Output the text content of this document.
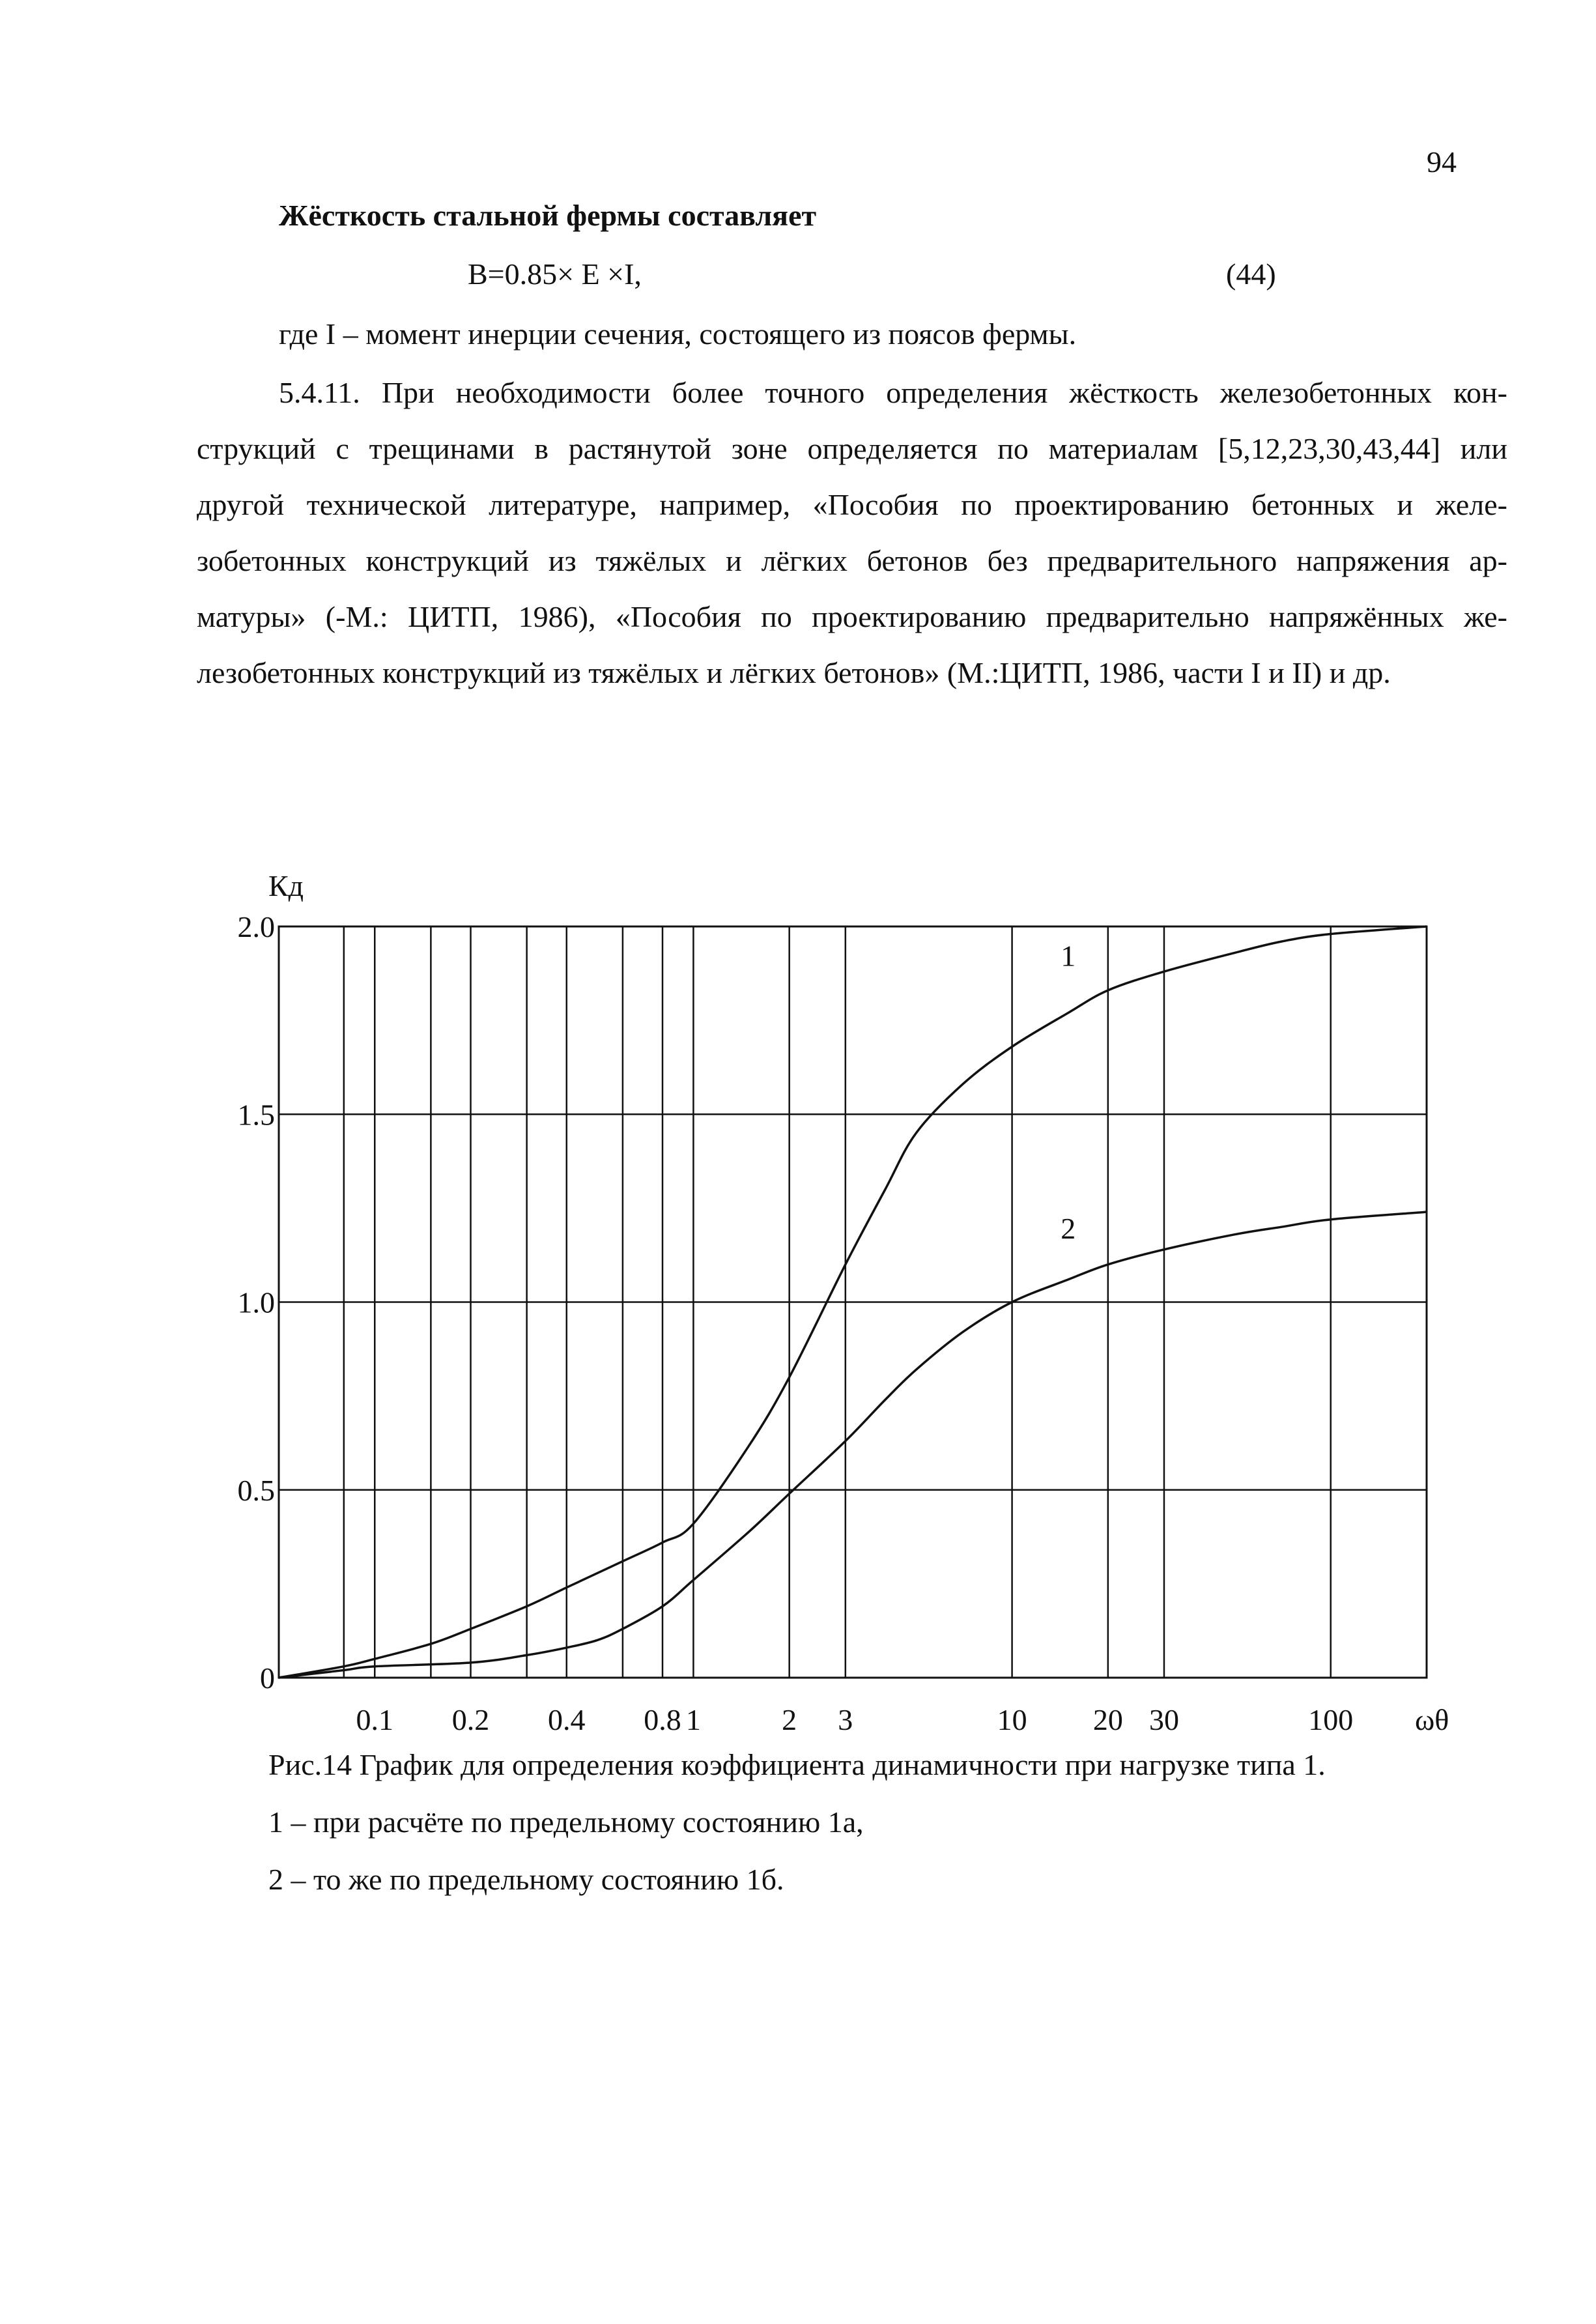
94
Жёсткость стальной фермы составляет
B=0.85× E ×I,	(44)
где I – момент инерции сечения, состоящего из поясов фермы.
5.4.11. При необходимости более точного определения жёсткость железобетонных кон-
струкций с трещинами в растянутой зоне определяется по материалам [5,12,23,30,43,44] или
другой технической литературе, например, «Пособия по проектированию бетонных и желе-
зобетонных конструкций из тяжёлых и лёгких бетонов без предварительного напряжения ар-
матуры» (-М.: ЦИТП, 1986), «Пособия по проектированию предварительно напряжённых же-
лезобетонных конструкций из тяжёлых и лёгких бетонов» (М.:ЦИТП, 1986, части I и II) и др.
1
2
0.1 0.2 0.4 0.8 1	2 3	10 20 30	100
0
0.5
1.0
1.5
2.0
Кд
ωθ
Рис.14 График для определения коэффициента динамичности при нагрузке типа 1.
1 – при расчёте по предельному состоянию 1а,
2 – то же по предельному состоянию 1б.
